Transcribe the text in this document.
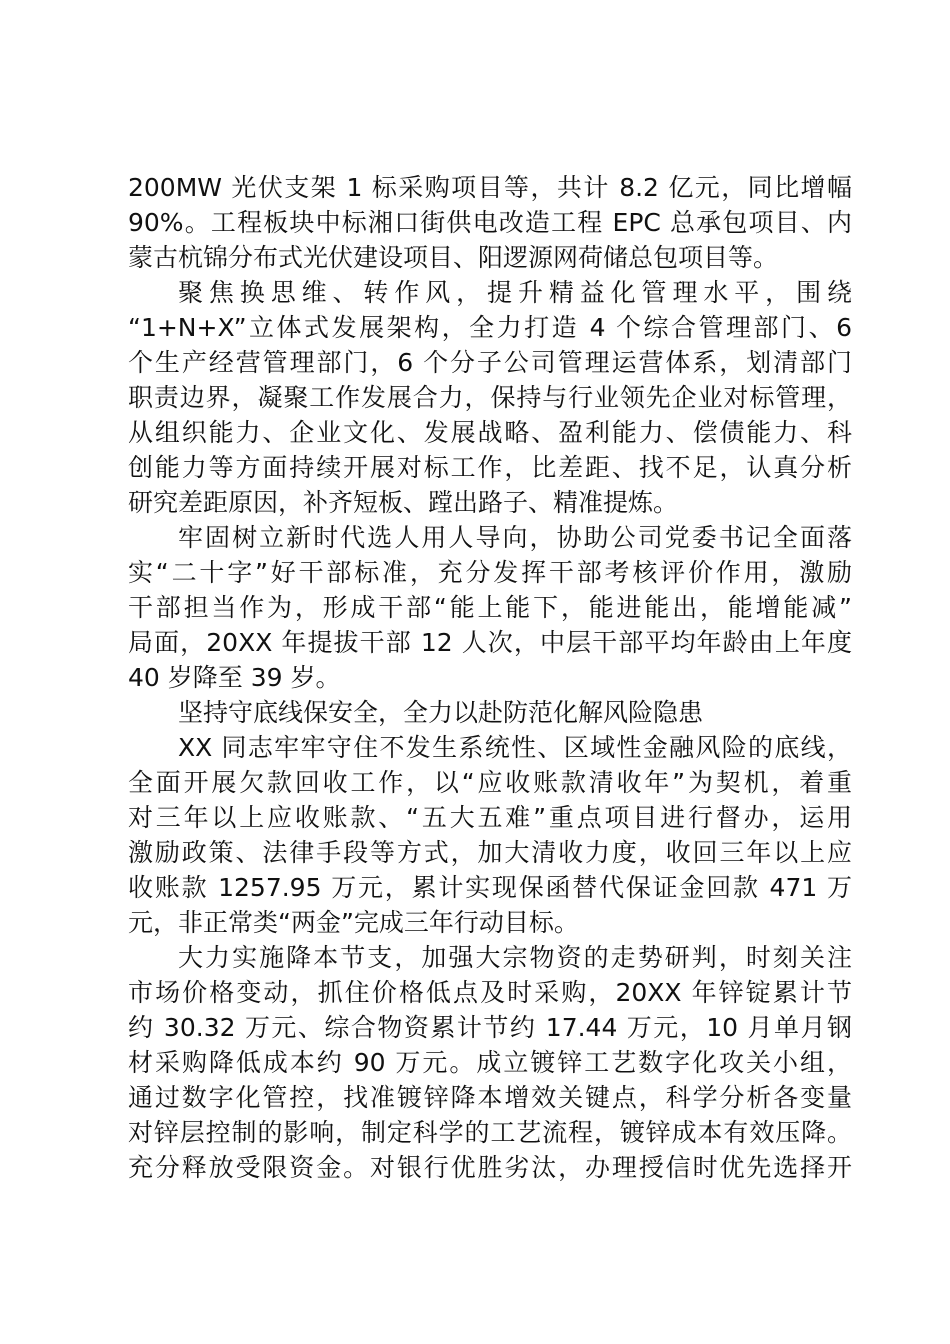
200MW 光伏支架 1 标采购项目等，共计 8.2 亿元，同比增幅
90%。工程板块中标湘口街供电改造工程 EPC 总承包项目、内
蒙古杭锦分布式光伏建设项目、阳逻源网荷储总包项目等。
聚焦换思维、转作风，提升精益化管理水平，围绕
“1+N+X”立体式发展架构，全力打造 4 个综合管理部门、6
个生产经营管理部门，6 个分子公司管理运营体系，划清部门
职责边界，凝聚工作发展合力，保持与行业领先企业对标管理，
从组织能力、企业文化、发展战略、盈利能力、偿债能力、科
创能力等方面持续开展对标工作，比差距、找不足，认真分析
研究差距原因，补齐短板、蹚出路子、精准提炼。
牢固树立新时代选人用人导向，协助公司党委书记全面落
实“二十字”好干部标准，充分发挥干部考核评价作用，激励
干部担当作为，形成干部“能上能下，能进能出，能增能减”
局面，20XX 年提拔干部 12 人次，中层干部平均年龄由上年度
40 岁降至 39 岁。
坚持守底线保安全，全力以赴防范化解风险隐患
XX 同志牢牢守住不发生系统性、区域性金融风险的底线，
全面开展欠款回收工作，以“应收账款清收年”为契机，着重
对三年以上应收账款、“五大五难”重点项目进行督办，运用
激励政策、法律手段等方式，加大清收力度，收回三年以上应
收账款 1257.95 万元，累计实现保函替代保证金回款 471 万
元，非正常类“两金”完成三年行动目标。
大力实施降本节支，加强大宗物资的走势研判，时刻关注
市场价格变动，抓住价格低点及时采购，20XX 年锌锭累计节
约 30.32 万元、综合物资累计节约 17.44 万元，10 月单月钢
材采购降低成本约 90 万元。成立镀锌工艺数字化攻关小组，
通过数字化管控，找准镀锌降本增效关键点，科学分析各变量
对锌层控制的影响，制定科学的工艺流程，镀锌成本有效压降。
充分释放受限资金。对银行优胜劣汰，办理授信时优先选择开
